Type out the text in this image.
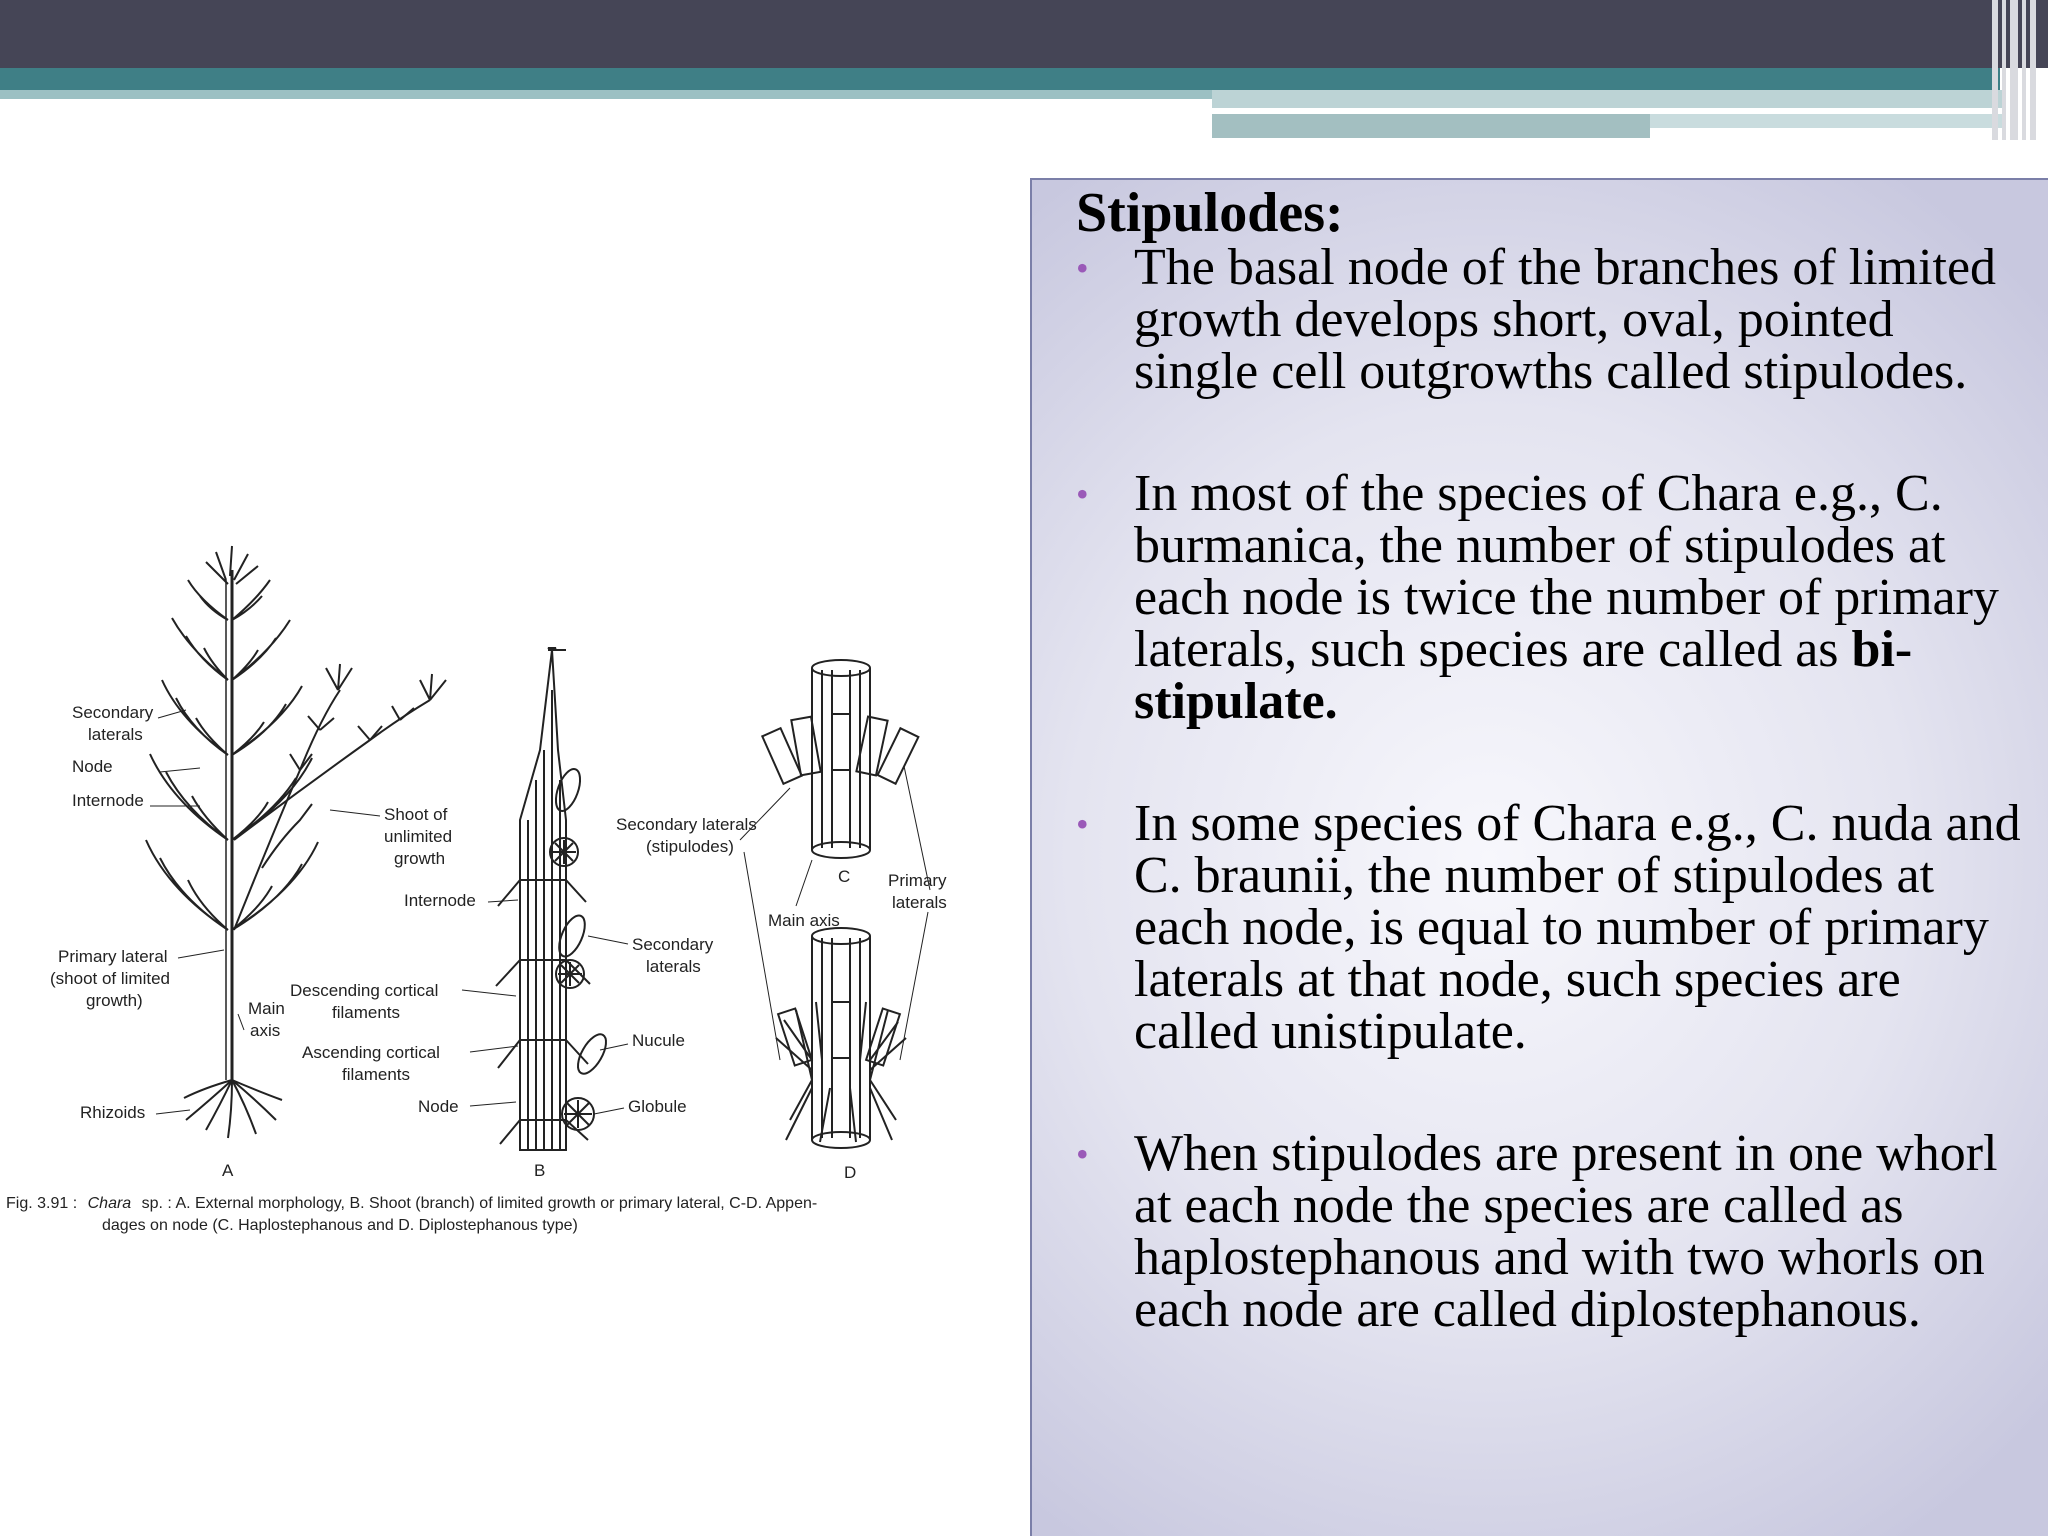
Secondary
laterals
Node
Internode
Shoot of
unlimited
growth
Primary lateral
(shoot of limited
growth)	Main
axis
Rhizoids
A
Internode
Descending cortical
filaments
Ascending cortical
filaments
Node
B
Secondary
laterals
Nucule
Globule
Secondary laterals
(stipulodes)
C Primary
laterals
Main axis
D
Fig. 3.91 : Chara sp. : A. External morphology, B. Shoot (branch) of limited growth or primary lateral, C-D. Appen-
dages on node (C. Haplostephanous and D. Diplostephanous type)
Stipulodes:
• The basal node of the branches of limited growth develops short, oval, pointed single cell outgrowths called stipulodes.
• In most of the species of Chara e.g., C. burmanica, the number of stipulodes at each node is twice the number of primary laterals, such species are called as bi-stipulate.
• In some species of Chara e.g., C. nuda and C. braunii, the number of stipulodes at each node, is equal to number of primary laterals at that node, such species are called unistipulate.
• When stipulodes are present in one whorl at each node the species are called as haplostephanous and with two whorls on each node are called diplostephanous.
